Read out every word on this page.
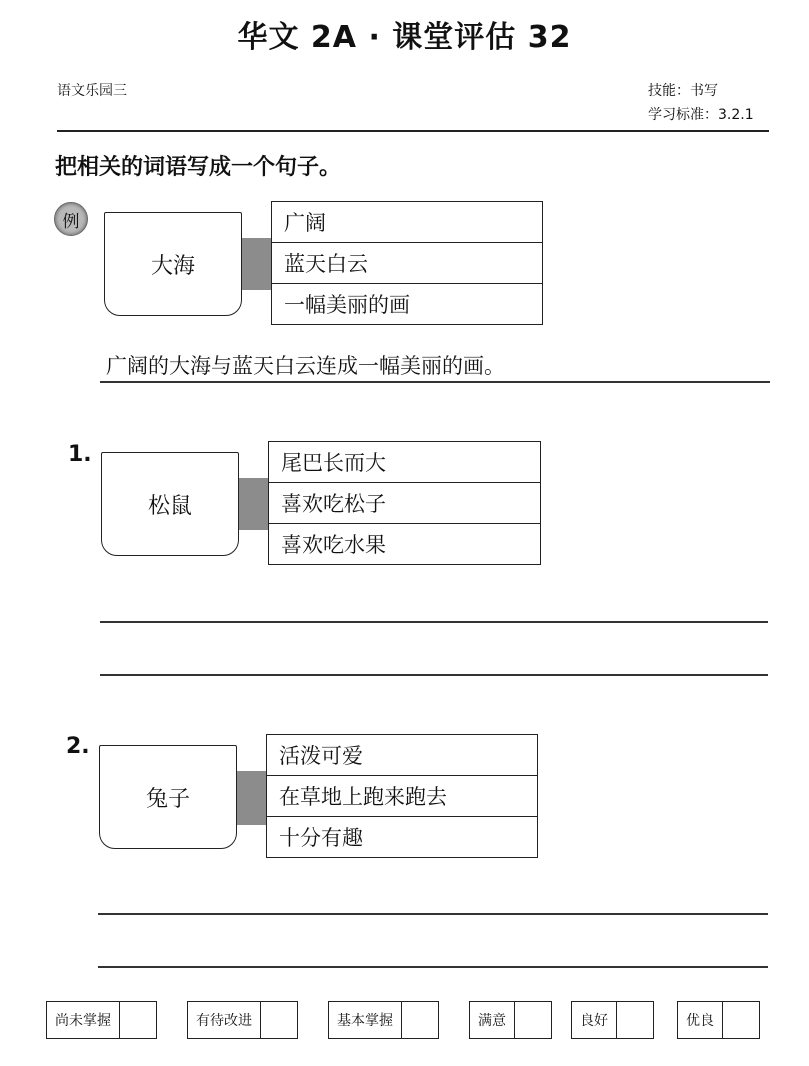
华文 2A · 课堂评估 32
语文乐园三	技能：书写
学习标准：3.2.1
把相关的词语写成一个句子。
例
大海
广阔
蓝天白云
一幅美丽的画
广阔的大海与蓝天白云连成一幅美丽的画。
1.
松鼠
尾巴长而大
喜欢吃松子
喜欢吃水果
2.
兔子
活泼可爱
在草地上跑来跑去
十分有趣
尚未掌握	有待改进	基本掌握	满意	良好	优良
